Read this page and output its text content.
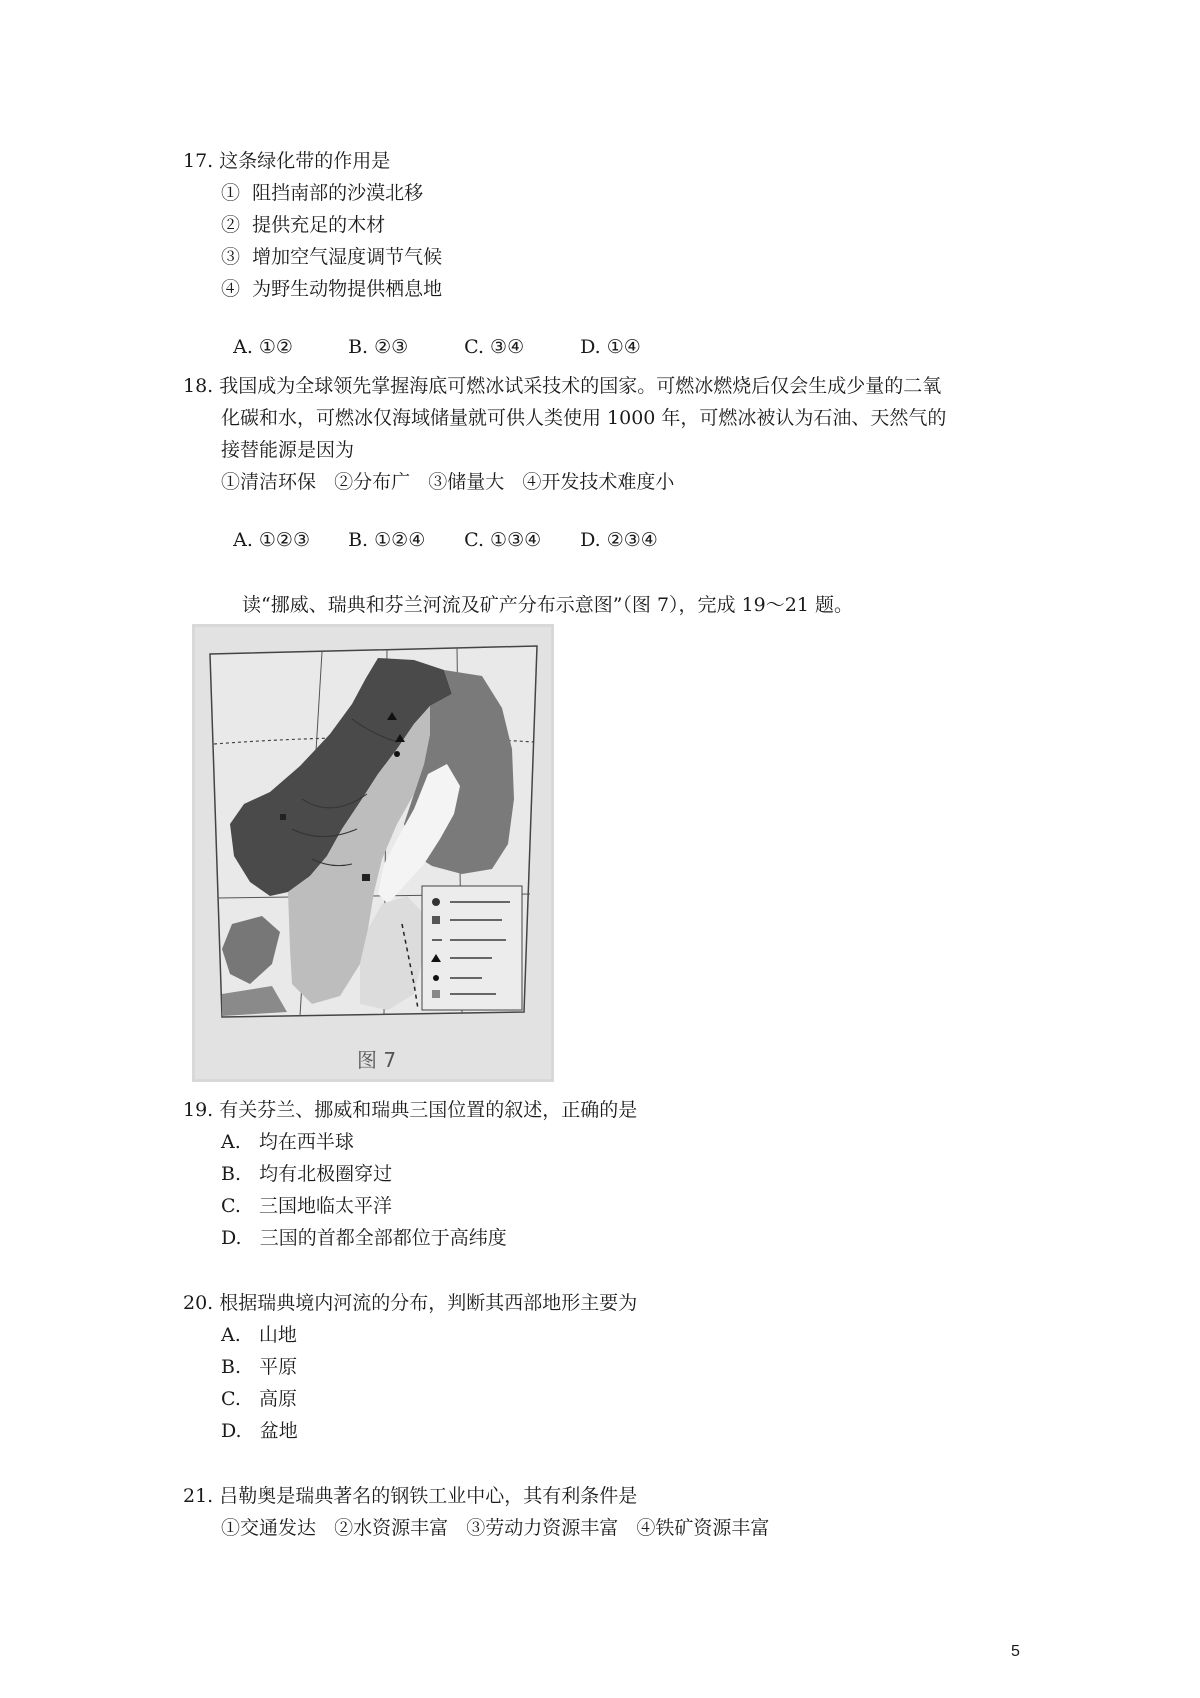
17. 这条绿化带的作用是
①  阻挡南部的沙漠北移
②  提供充足的木材
③  增加空气湿度调节气候
④  为野生动物提供栖息地

A. ①②	B. ②③	C. ③④	D. ①④

18. 我国成为全球领先掌握海底可燃冰试采技术的国家。可燃冰燃烧后仅会生成少量的二氧
化碳和水，可燃冰仅海域储量就可供人类使用 1000 年，可燃冰被认为石油、天然气的
接替能源是因为
①清洁环保   ②分布广   ③储量大   ④开发技术难度小

A. ①②③ B. ①②④ C. ①③④ D. ②③④

读“挪威、瑞典和芬兰河流及矿产分布示意图”（图 7），完成 19～21 题。
图 7
19. 有关芬兰、挪威和瑞典三国位置的叙述，正确的是
A.   均在西半球
B.   均有北极圈穿过
C.   三国地临太平洋
D.   三国的首都全部都位于高纬度
20. 根据瑞典境内河流的分布，判断其西部地形主要为
A.   山地
B.   平原
C.   高原
D.   盆地
21. 吕勒奥是瑞典著名的钢铁工业中心，其有利条件是
①交通发达   ②水资源丰富   ③劳动力资源丰富   ④铁矿资源丰富
5
